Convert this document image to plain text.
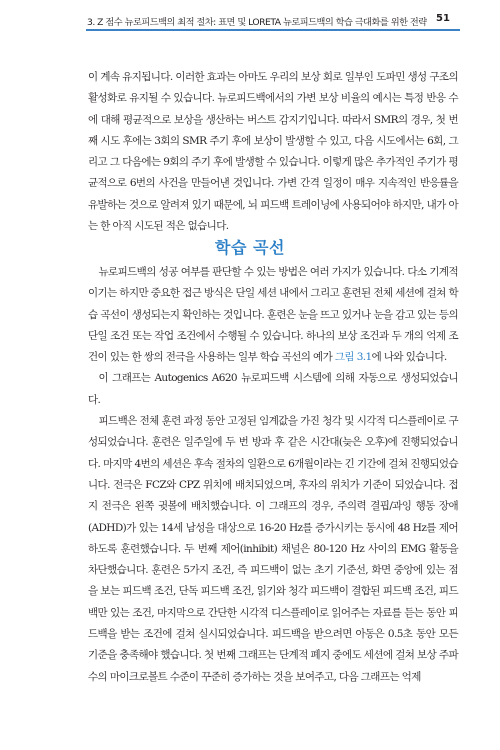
3. Z 점수 뉴로피드백의 최적 절차: 표면 및 LORETA 뉴로피드백의 학습 극대화를 위한 전략 51

이 계속 유지됩니다. 이러한 효과는 아마도 우리의 보상 회로 일부인 도파민 생성 구조의 활성화로 유지될 수 있습니다. 뉴로피드백에서의 가변 보상 비율의 예시는 특정 반응 수에 대해 평균적으로 보상을 생산하는 버스트 감지기입니다. 따라서 SMR의 경우, 첫 번째 시도 후에는 3회의 SMR 주기 후에 보상이 발생할 수 있고, 다음 시도에서는 6회, 그리고 그 다음에는 9회의 주기 후에 발생할 수 있습니다. 이렇게 많은 추가적인 주기가 평균적으로 6번의 사건을 만들어낸 것입니다. 가변 간격 일정이 매우 지속적인 반응률을 유발하는 것으로 알려져 있기 때문에, 뇌 피드백 트레이닝에 사용되어야 하지만, 내가 아는 한 아직 시도된 적은 없습니다.

학습 곡선

뉴로피드백의 성공 여부를 판단할 수 있는 방법은 여러 가지가 있습니다. 다소 기계적이기는 하지만 중요한 접근 방식은 단일 세션 내에서 그리고 훈련된 전체 세션에 걸쳐 학습 곡선이 생성되는지 확인하는 것입니다. 훈련은 눈을 뜨고 있거나 눈을 감고 있는 등의 단일 조건 또는 작업 조건에서 수행될 수 있습니다. 하나의 보상 조건과 두 개의 억제 조건이 있는 한 쌍의 전극을 사용하는 일부 학습 곡선의 예가 그림 3.1에 나와 있습니다.

이 그래프는 Autogenics A620 뉴로피드백 시스템에 의해 자동으로 생성되었습니다.

피드백은 전체 훈련 과정 동안 고정된 임계값을 가진 청각 및 시각적 디스플레이로 구성되었습니다. 훈련은 일주일에 두 번 방과 후 같은 시간대(늦은 오후)에 진행되었습니다. 마지막 4번의 세션은 후속 절차의 일환으로 6개월이라는 긴 기간에 걸쳐 진행되었습니다. 전극은 FCZ와 CPZ 위치에 배치되었으며, 후자의 위치가 기준이 되었습니다. 접지 전극은 왼쪽 귓볼에 배치했습니다. 이 그래프의 경우, 주의력 결핍/과잉 행동 장애(ADHD)가 있는 14세 남성을 대상으로 16-20 Hz를 증가시키는 동시에 48 Hz를 제어하도록 훈련했습니다. 두 번째 제어(inhibit) 채널은 80-120 Hz 사이의 EMG 활동을 차단했습니다. 훈련은 5가지 조건, 즉 피드백이 없는 초기 기준선, 화면 중앙에 있는 점을 보는 피드백 조건, 단독 피드백 조건, 읽기와 청각 피드백이 결합된 피드백 조건, 피드백만 있는 조건, 마지막으로 간단한 시각적 디스플레이로 읽어주는 자료를 듣는 동안 피드백을 받는 조건에 걸쳐 실시되었습니다. 피드백을 받으려면 아동은 0.5초 동안 모든 기준을 충족해야 했습니다. 첫 번째 그래프는 단계적 폐지 중에도 세션에 걸쳐 보상 주파수의 마이크로볼트 수준이 꾸준히 증가하는 것을 보여주고, 다음 그래프는 억제
